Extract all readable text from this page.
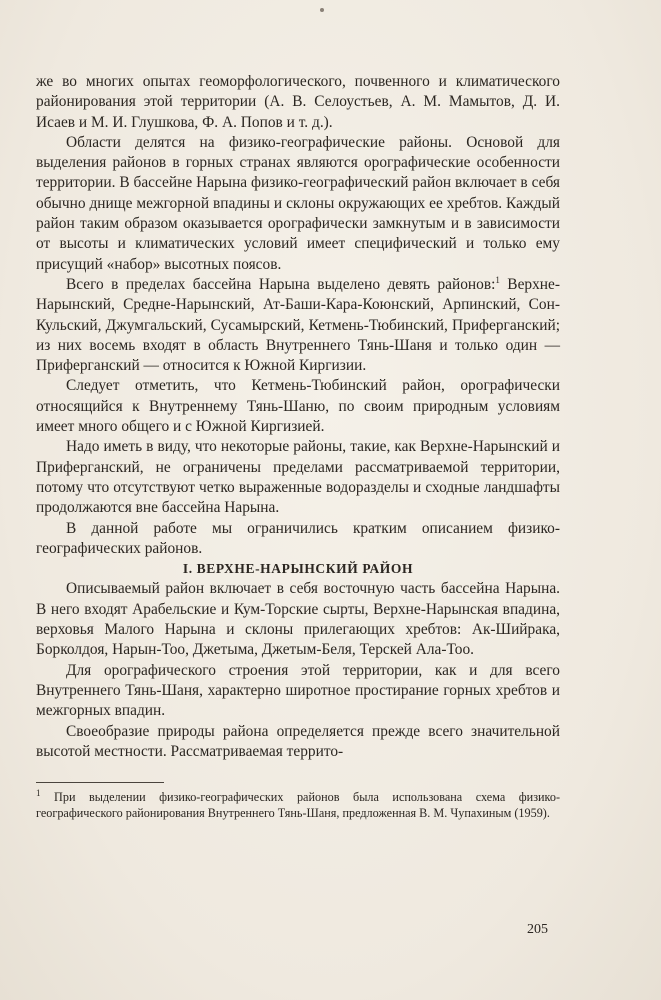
же во многих опытах геоморфологического, почвенного и климатического районирования этой территории (А. В. Селоустьев, А. М. Мамытов, Д. И. Исаев и М. И. Глушкова, Ф. А. Попов и т. д.).

Области делятся на физико-географические районы. Основой для выделения районов в горных странах являются орографические особенности территории. В бассейне Нарына физико-географический район включает в себя обычно днище межгорной впадины и склоны окружающих ее хребтов. Каждый район таким образом оказывается орографически замкнутым и в зависимости от высоты и климатических условий имеет специфический и только ему присущий «набор» высотных поясов.

Всего в пределах бассейна Нарына выделено девять районов:$^1$ Верхне-Нарынский, Средне-Нарынский, Ат-Баши-Кара-Коюнский, Арпинский, Сон-Кульский, Джумгальский, Сусамырский, Кетмень-Тюбинский, Приферганский; из них восемь входят в область Внутреннего Тянь-Шаня и только один — Приферганский — относится к Южной Киргизии.

Следует отметить, что Кетмень-Тюбинский район, орографически относящийся к Внутреннему Тянь-Шаню, по своим природным условиям имеет много общего и с Южной Киргизией.

Надо иметь в виду, что некоторые районы, такие, как Верхне-Нарынский и Приферганский, не ограничены пределами рассматриваемой территории, потому что отсутствуют четко выраженные водоразделы и сходные ландшафты продолжаются вне бассейна Нарына.

В данной работе мы ограничились кратким описанием физико-географических районов.

I. ВЕРХНЕ-НАРЫНСКИЙ РАЙОН

Описываемый район включает в себя восточную часть бассейна Нарына. В него входят Арабельские и Кум-Торские сырты, Верхне-Нарынская впадина, верховья Малого Нарына и склоны прилегающих хребтов: Ак-Шийрака, Борколдоя, Нарын-Тоо, Джетыма, Джетым-Беля, Терскей Ала-Тоо.

Для орографического строения этой территории, как и для всего Внутреннего Тянь-Шаня, характерно широтное простирание горных хребтов и межгорных впадин.

Своеобразие природы района определяется прежде всего значительной высотой местности. Рассматриваемая террито-

$^1$ При выделении физико-географических районов была использована схема физико-географического районирования Внутреннего Тянь-Шаня, предложенная В. М. Чупахиным (1959).

205
